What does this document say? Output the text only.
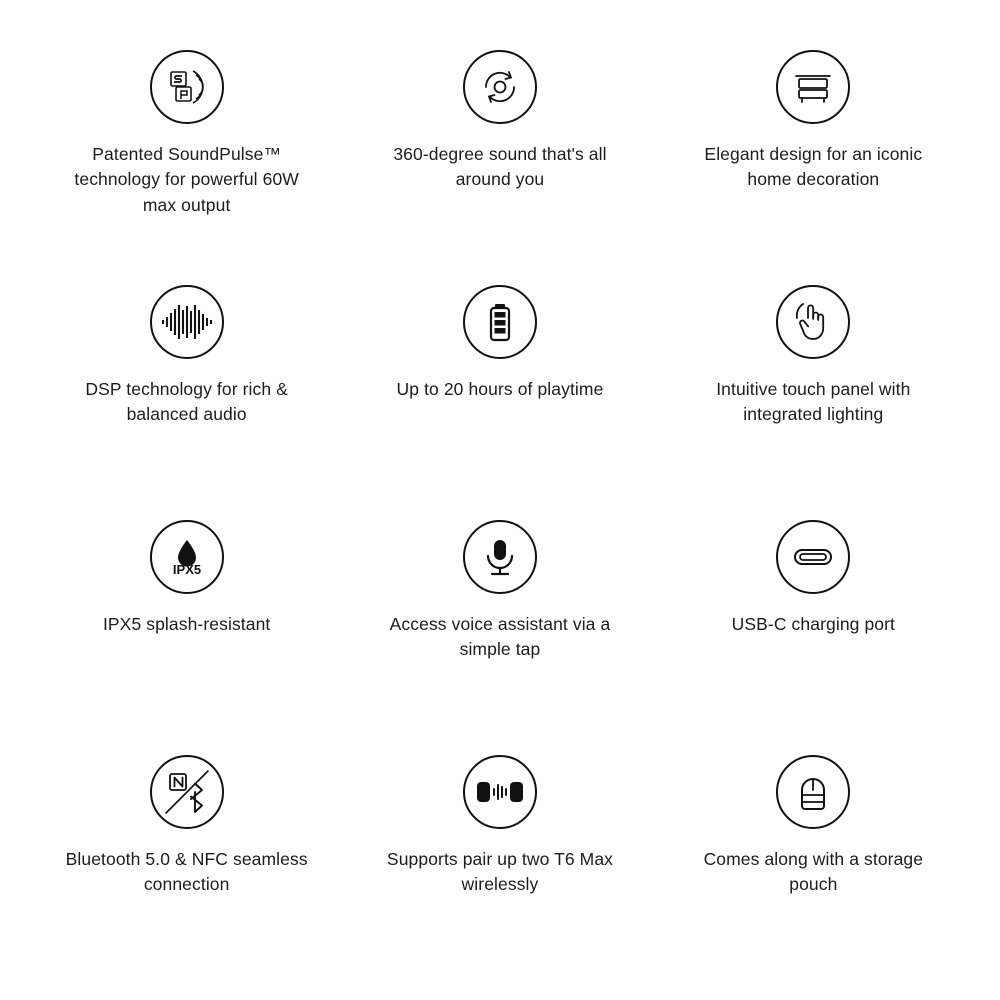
Patented SoundPulse™ technology for powerful 60W max output
360-degree sound that's all around you
Elegant design for an iconic home decoration
DSP technology for rich & balanced audio
Up to 20 hours of playtime	Intuitive touch panel with integrated lighting
IPX5
IPX5 splash-resistant	Access voice assistant via a simple tap
USB-C charging port
Bluetooth 5.0 & NFC seamless connection
Supports pair up two T6 Max wirelessly
Comes along with a storage pouch
